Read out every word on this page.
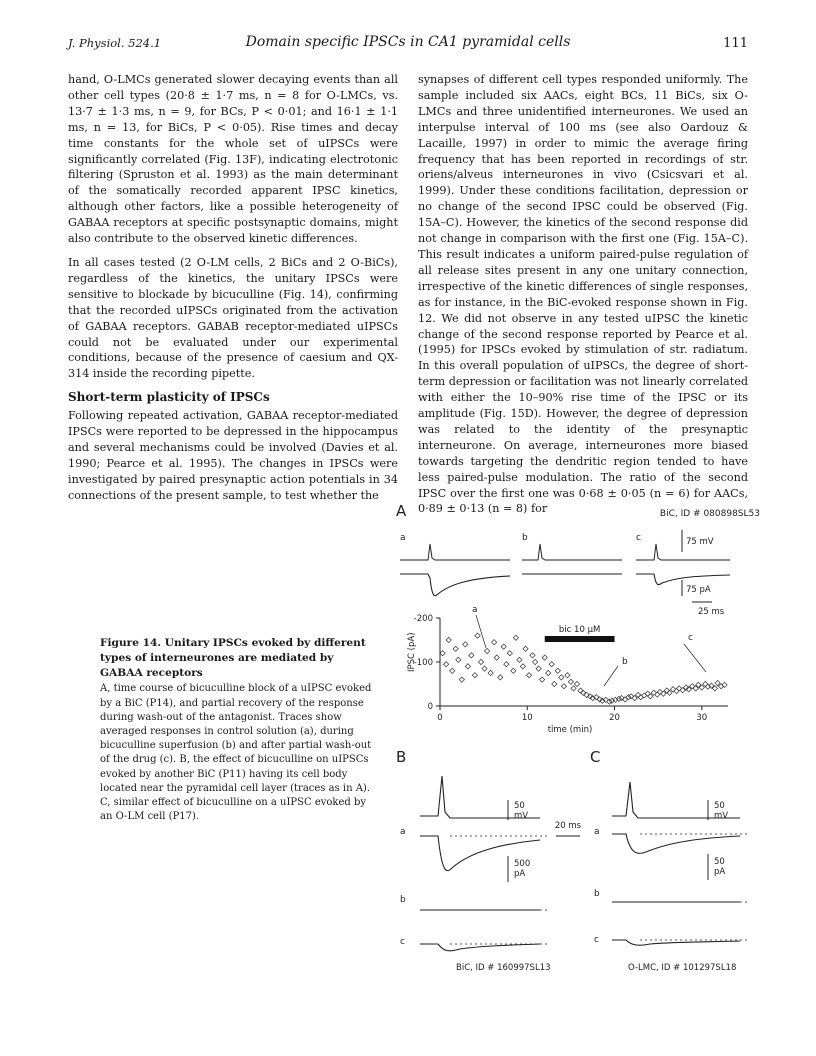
J. Physiol. 524.1	Domain specific IPSCs in CA1 pyramidal cells	111

hand, O-LMCs generated slower decaying events than all other cell types (20·8 ± 1·7 ms, n = 8 for O-LMCs, vs. 13·7 ± 1·3 ms, n = 9, for BCs, P < 0·01; and 16·1 ± 1·1 ms, n = 13, for BiCs, P < 0·05). Rise times and decay time constants for the whole set of uIPSCs were significantly correlated (Fig. 13F), indicating electrotonic filtering (Spruston et al. 1993) as the main determinant of the somatically recorded apparent IPSC kinetics, although other factors, like a possible heterogeneity of GABAA receptors at specific postsynaptic domains, might also contribute to the observed kinetic differences.

In all cases tested (2 O-LM cells, 2 BiCs and 2 O-BiCs), regardless of the kinetics, the unitary IPSCs were sensitive to blockade by bicuculline (Fig. 14), confirming that the recorded uIPSCs originated from the activation of GABAA receptors. GABAB receptor-mediated uIPSCs could not be evaluated under our experimental conditions, because of the presence of caesium and QX-314 inside the recording pipette.

Short-term plasticity of IPSCs

Following repeated activation, GABAA receptor-mediated IPSCs were reported to be depressed in the hippocampus and several mechanisms could be involved (Davies et al. 1990; Pearce et al. 1995). The changes in IPSCs were investigated by paired presynaptic action potentials in 34 connections of the present sample, to test whether the

synapses of different cell types responded uniformly. The sample included six AACs, eight BCs, 11 BiCs, six O-LMCs and three unidentified interneurones. We used an interpulse interval of 100 ms (see also Oardouz & Lacaille, 1997) in order to mimic the average firing frequency that has been reported in recordings of str. oriens/alveus interneurones in vivo (Csicsvari et al. 1999). Under these conditions facilitation, depression or no change of the second IPSC could be observed (Fig. 15A–C). However, the kinetics of the second response did not change in comparison with the first one (Fig. 15A–C). This result indicates a uniform paired-pulse regulation of all release sites present in any one unitary connection, irrespective of the kinetic differences of single responses, as for instance, in the BiC-evoked response shown in Fig. 12. We did not observe in any tested uIPSC the kinetic change of the second response reported by Pearce et al. (1995) for IPSCs evoked by stimulation of str. radiatum. In this overall population of uIPSCs, the degree of short-term depression or facilitation was not linearly correlated with either the 10–90% rise time of the IPSC or its amplitude (Fig. 15D). However, the degree of depression was related to the identity of the presynaptic interneurone. On average, interneurones more biased towards targeting the dendritic region tended to have less paired-pulse modulation. The ratio of the second IPSC over the first one was 0·68 ± 0·05 (n = 6) for AACs, 0·89 ± 0·13 (n = 8) for

Figure 14. Unitary IPSCs evoked by different types of interneurones are mediated by GABAA receptors
A, time course of bicuculline block of a uIPSC evoked by a BiC (P14), and partial recovery of the response during wash-out of the antagonist. Traces show averaged responses in control solution (a), during bicuculline superfusion (b) and after partial wash-out of the drug (c). B, the effect of bicuculline on uIPSCs evoked by another BiC (P11) having its cell body located near the pyramidal cell layer (traces as in A). C, similar effect of bicuculline on a uIPSC evoked by an O-LM cell (P17).
A	BiC, ID # 080898SL53
a	b	c	75 mV
75 pA
25 ms
IPSC (pA)
-200
-100
0
0	10	20	30
bic 10 µM
time (min)
a
b
c
B	C
a
b
c
a
b
c
50
mV
500
pA
20 ms
50
mV
50
pA
BiC, ID # 160997SL13	O-LMC, ID # 101297SL18
